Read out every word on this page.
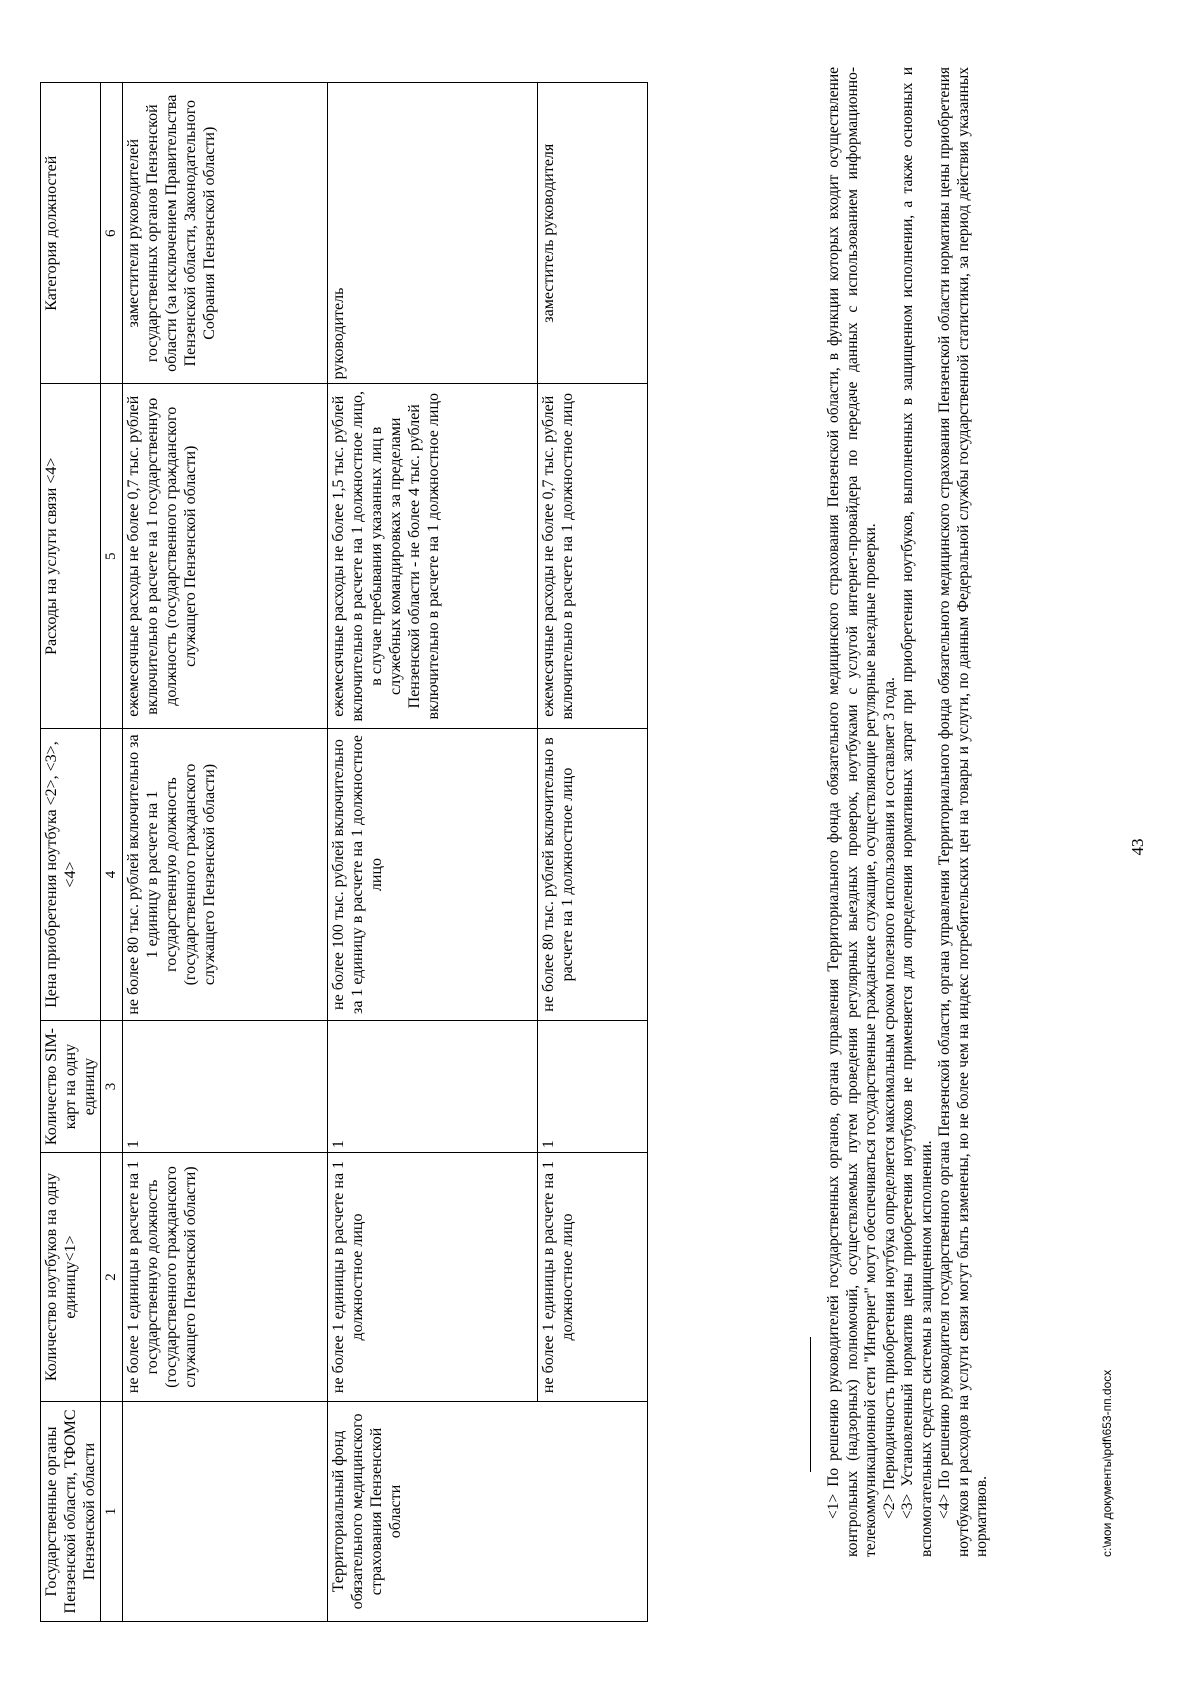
43
Государственные органы Пензенской области, ТФОМС Пензенской области	Количество ноутбуков на одну единицу<1>	Количество SIM-карт на одну единицу	Цена приобретения ноутбука <2>, <3>, <4>	Расходы на услуги связи <4>	Категория должностей
1	2	3	4	5	6
	не более 1 единицы в расчете на 1 государственную должность (государственного гражданского служащего Пензенской области)	1	не более 80 тыс. рублей включительно за 1 единицу в расчете на 1 государственную должность (государственного гражданского служащего Пензенской области)	ежемесячные расходы не более 0,7 тыс. рублей включительно в расчете на 1 государственную должность (государственного гражданского служащего Пензенской области)	заместители руководителей государственных органов Пензенской области (за исключением Правительства Пензенской области, Законодательного Собрания Пензенской области)
Территориальный фонд обязательного медицинского страхования Пензенской области	не более 1 единицы в расчете на 1 должностное лицо	1	не более 100 тыс. рублей включительно за 1 единицу в расчете на 1 должностное лицо	ежемесячные расходы не более 1,5 тыс. рублей включительно в расчете на 1 должностное лицо, в случае пребывания указанных лиц в служебных командировках за пределами Пензенской области - не более 4 тыс. рублей включительно в расчете на 1 должностное лицо	руководитель
	не более 1 единицы в расчете на 1 должностное лицо	1	не более 80 тыс. рублей включительно в расчете на 1 должностное лицо	ежемесячные расходы не более 0,7 тыс. рублей включительно в расчете на 1 должностное лицо	заместитель руководителя	<1> По решению руководителей государственных органов, органа управления Территориального фонда обязательного медицинского страхования Пензенской области, в функции которых входит осуществление контрольных (надзорных) полномочий, осуществляемых путем проведения регулярных выездных проверок, ноутбуками с услугой интернет-провайдера по передаче данных с использованием информационно-телекоммуникационной сети "Интернет" могут обеспечиваться государственные гражданские служащие, осуществляющие регулярные выездные проверки. <2> Периодичность приобретения ноутбука определяется максимальным сроком полезного использования и составляет 3 года. <3> Установленный норматив цены приобретения ноутбуков не применяется для определения нормативных затрат при приобретении ноутбуков, выполненных в защищенном исполнении, а также основных и вспомогательных средств системы в защищенном исполнении. <4> По решению руководителя государственного органа Пензенской области, органа управления Территориального фонда обязательного медицинского страхования Пензенской области нормативы цены приобретения ноутбуков и расходов на услуги связи могут быть изменены, но не более чем на индекс потребительских цен на товары и услуги, по данным Федеральной службы государственной статистики, за период действия указанных нормативов.	c:\мои документы\pdf\653-пп.docx
